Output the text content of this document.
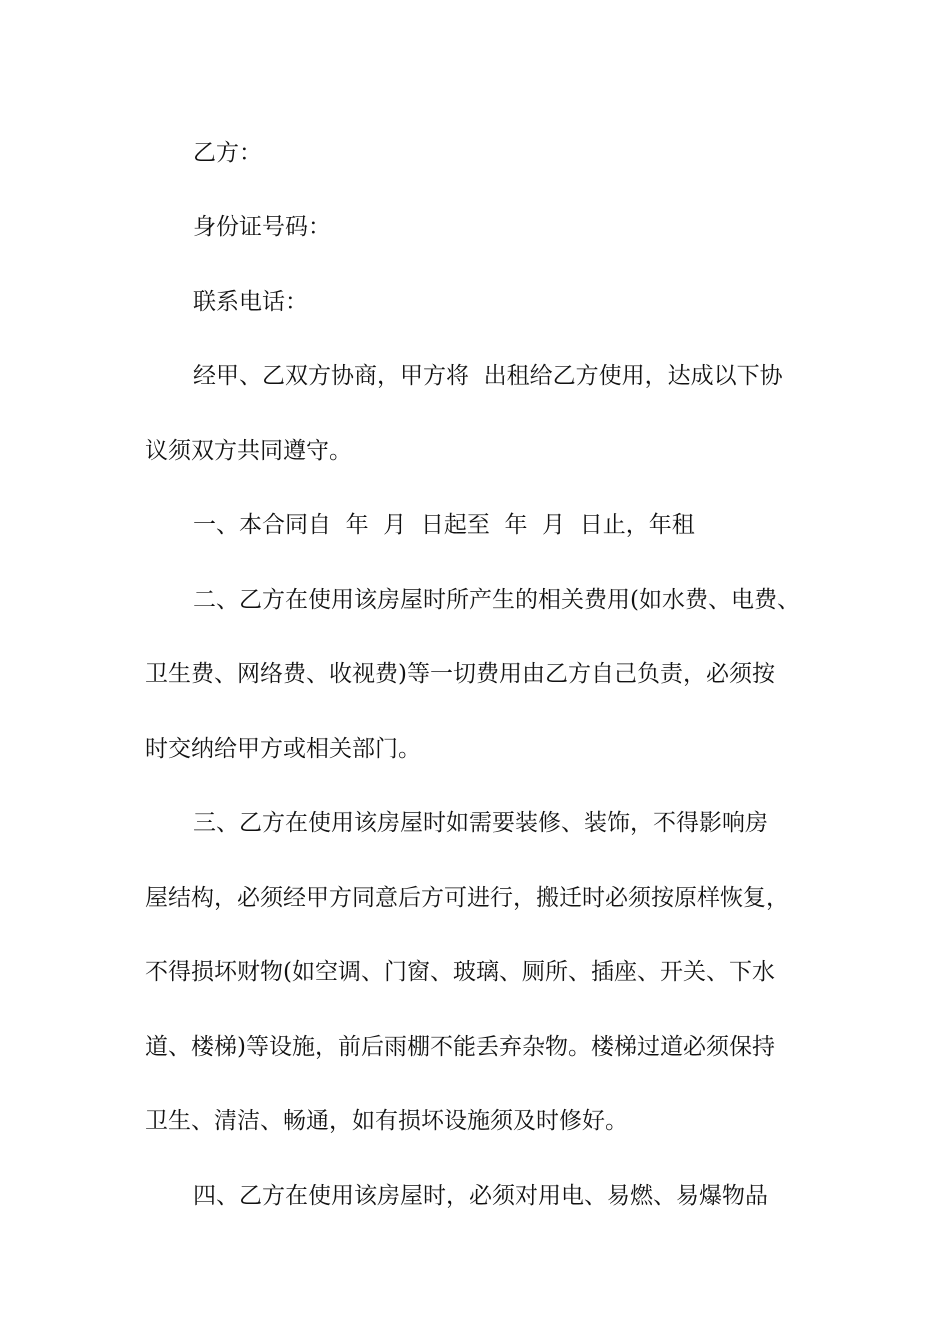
乙方：
身份证号码：
联系电话：
经甲、乙双方协商，甲方将  出租给乙方使用，达成以下协
议须双方共同遵守。
一、本合同自  年  月  日起至  年  月  日止，年租
二、乙方在使用该房屋时所产生的相关费用(如水费、电费、
卫生费、网络费、收视费)等一切费用由乙方自己负责，必须按
时交纳给甲方或相关部门。
三、乙方在使用该房屋时如需要装修、装饰，不得影响房
屋结构，必须经甲方同意后方可进行，搬迁时必须按原样恢复，
不得损坏财物(如空调、门窗、玻璃、厕所、插座、开关、下水
道、楼梯)等设施，前后雨棚不能丢弃杂物。楼梯过道必须保持
卫生、清洁、畅通，如有损坏设施须及时修好。
四、乙方在使用该房屋时，必须对用电、易燃、易爆物品
